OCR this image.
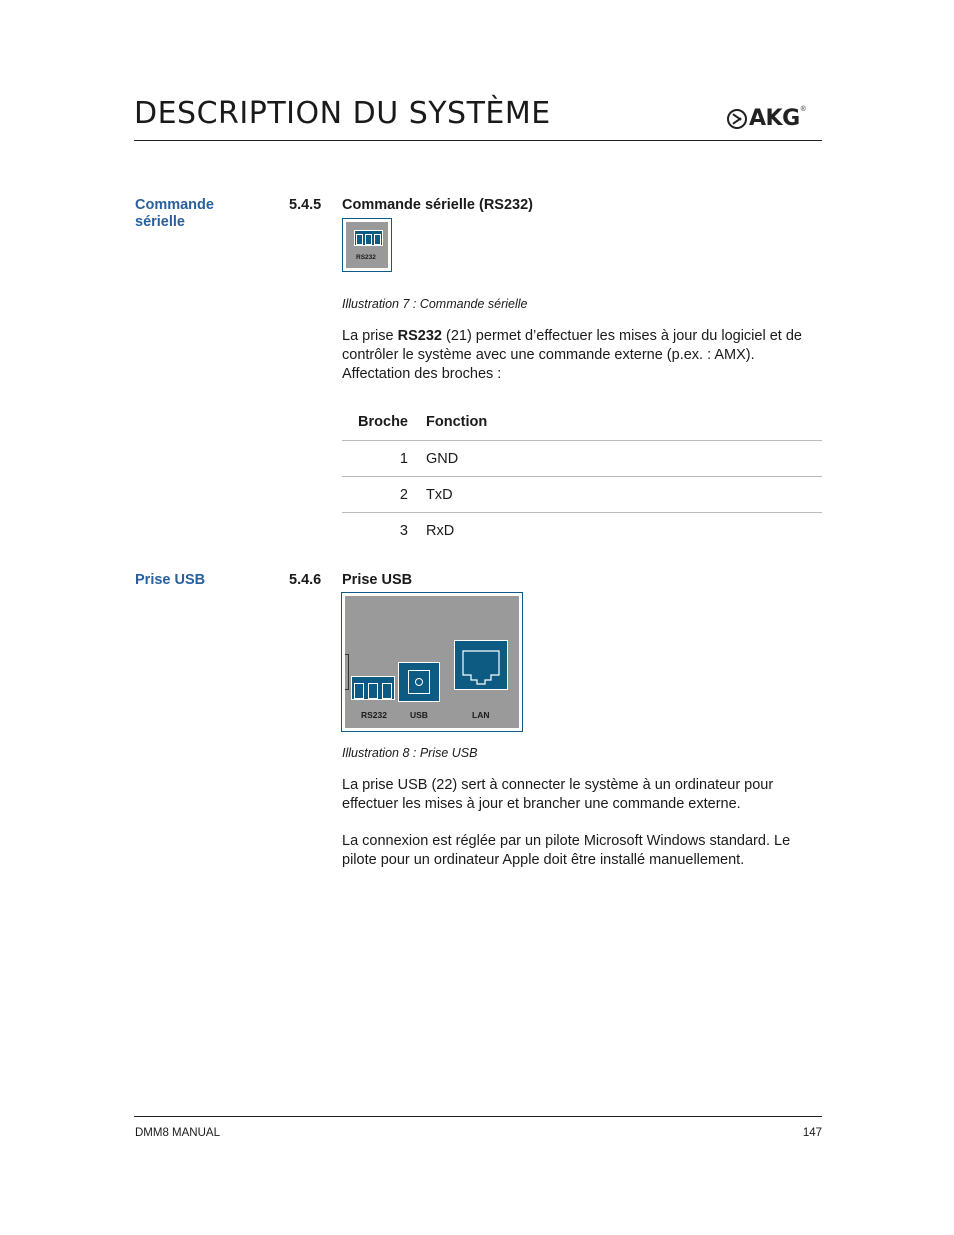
DESCRIPTION DU SYSTÈME	AKG ®
Commande
sérielle
5.4.5 Commande sérielle (RS232)
RS232
Illustration 7 : Commande sérielle
La prise RS232 (21) permet d’effectuer les mises à jour du logiciel et de contrôler le système avec une commande externe (p.ex. : AMX). Affectation des broches :
Broche	Fonction
1	GND
2	TxD
3	RxD
Prise USB	5.4.6 Prise USB
RS232	USB	LAN
Illustration 8 : Prise USB
La prise USB (22) sert à connecter le système à un ordinateur pour effectuer les mises à jour et brancher une commande externe.
La connexion est réglée par un pilote Microsoft Windows standard. Le pilote pour un ordinateur Apple doit être installé manuellement.
DMM8 MANUAL	147
